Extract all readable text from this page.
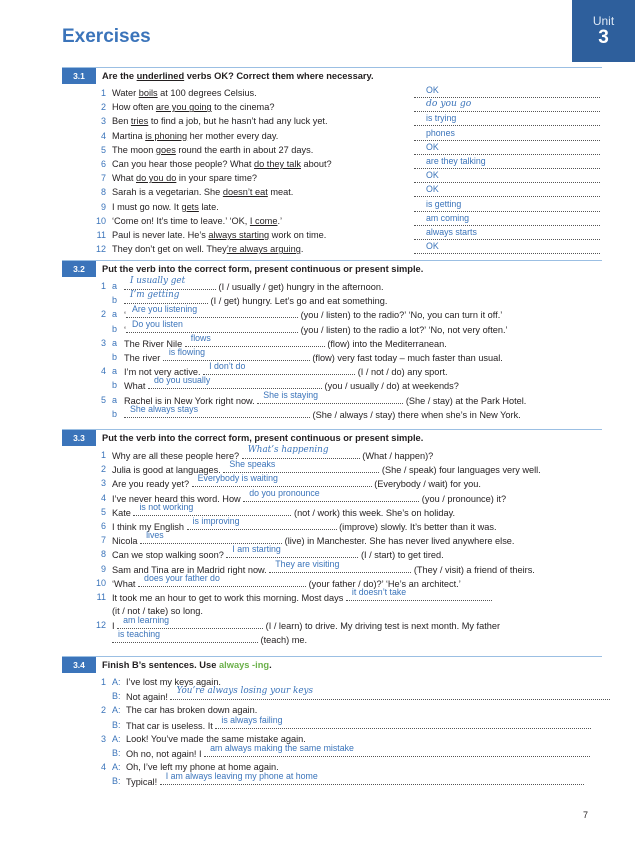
Exercises
Unit
3
3.1	Are the underlined verbs OK? Correct them where necessary.
1 Water boils at 100 degrees Celsius.	OK
2 How often are you going to the cinema?	do you go
3 Ben tries to find a job, but he hasn’t had any luck yet.	is trying
4 Martina is phoning her mother every day.	phones
5 The moon goes round the earth in about 27 days.	OK
6 Can you hear those people? What do they talk about?	are they talking
7 What do you do in your spare time?	OK
8 Sarah is a vegetarian. She doesn’t eat meat.	OK
9 I must go now. It gets late.	is getting
10 ‘Come on! It’s time to leave.’ ‘OK, I come.’	am coming
11 Paul is never late. He’s always starting work on time.	always starts
12 They don’t get on well. They’re always arguing.	OK
3.2	Put the verb into the correct form, present continuous or present simple.
1 a I usually get
(I / usually / get) hungry in the afternoon.
b I’m getting
(I / get) hungry. Let’s go and eat something.
2 a ‘
Are you listening
(you / listen) to the radio?’ ‘No, you can turn it off.’
b ‘
Do you listen
(you / listen) to the radio a lot?’ ‘No, not very often.’
3 a The River Nile
flows
(flow) into the Mediterranean.
b The river
is flowing
(flow) very fast today – much faster than usual.
4 a I’m not very active.
I don’t do
(I / not / do) any sport.
b What
do you usually
(you / usually / do) at weekends?
5 a Rachel is in New York right now.
She is staying
(She / stay) at the Park Hotel.
b She always stays
(She / always / stay) there when she’s in New York.
3.3	Put the verb into the correct form, present continuous or present simple.
1 Why are all these people here?
What’s happening
(What / happen)?
2 Julia is good at languages.
She speaks
(She / speak) four languages very well.
3 Are you ready yet?
Everybody is waiting
(Everybody / wait) for you.
4 I’ve never heard this word. How
do you pronounce
(you / pronounce) it?
5 Kate
is not working
(not / work) this week. She’s on holiday.
6 I think my English
is improving
(improve) slowly. It’s better than it was.
7 Nicola
lives
(live) in Manchester. She has never lived anywhere else.
8 Can we stop walking soon?
I am starting
(I / start) to get tired.
9 Sam and Tina are in Madrid right now.
They are visiting
(They / visit) a friend of theirs.
10 ‘What
does your father do
(your father / do)?’ ‘He’s an architect.’
11 It took me an hour to get to work this morning. Most days
it doesn’t take
(it / not / take) so long.
12 I
am learning
(I / learn) to drive. My driving test is next month. My father
is teaching
(teach) me.
3.4	Finish B’s sentences. Use always -ing.
1 A: I’ve lost my keys again.
B: Not again!
You’re always losing your keys
2 A: The car has broken down again.
B: That car is useless. It
is always failing
3 A: Look! You’ve made the same mistake again.
B: Oh no, not again! I
am always making the same mistake
4 A: Oh, I’ve left my phone at home again.
B: Typical!
I am always leaving my phone at home
7
